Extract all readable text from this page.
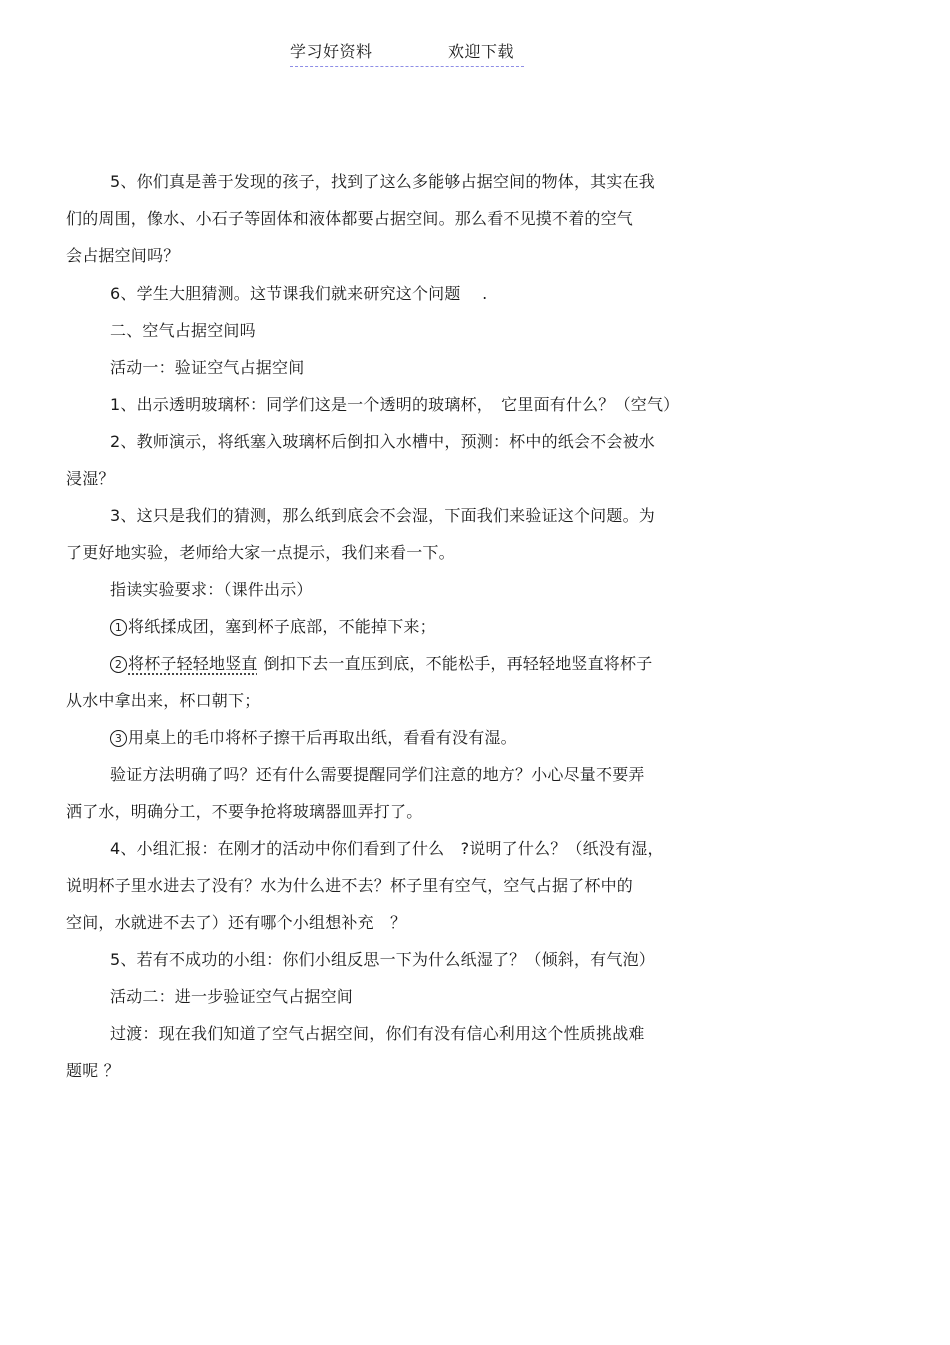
学习好资料	欢迎下载
5、你们真是善于发现的孩子，找到了这么多能够占据空间的物体，其实在我
们的周围，像水、小石子等固体和液体都要占据空间。那么看不见摸不着的空气
会占据空间吗？
6、学生大胆猜测。这节课我们就来研究这个问题　 .
二、空气占据空间吗
活动一：验证空气占据空间
1、出示透明玻璃杯：同学们这是一个透明的玻璃杯，　它里面有什么？（空气）
2、教师演示，将纸塞入玻璃杯后倒扣入水槽中，预测：杯中的纸会不会被水
浸湿？
3、这只是我们的猜测，那么纸到底会不会湿，下面我们来验证这个问题。为
了更好地实验，老师给大家一点提示，我们来看一下。
指读实验要求：（课件出示）
1 将纸揉成团，塞到杯子底部，不能掉下来；
2 将杯子轻轻地竖直 倒扣下去一直压到底，不能松手，再轻轻地竖直将杯子
从水中拿出来，杯口朝下；
3 用桌上的毛巾将杯子擦干后再取出纸，看看有没有湿。
验证方法明确了吗？还有什么需要提醒同学们注意的地方？小心尽量不要弄
洒了水，明确分工，不要争抢将玻璃器皿弄打了。
4、小组汇报：在刚才的活动中你们看到了什么　?说明了什么？（纸没有湿，
说明杯子里水进去了没有？水为什么进不去？杯子里有空气，空气占据了杯中的
空间，水就进不去了）还有哪个小组想补充　？
5、若有不成功的小组：你们小组反思一下为什么纸湿了？（倾斜，有气泡）
活动二：进一步验证空气占据空间
过渡：现在我们知道了空气占据空间，你们有没有信心利用这个性质挑战难
题呢 ？
